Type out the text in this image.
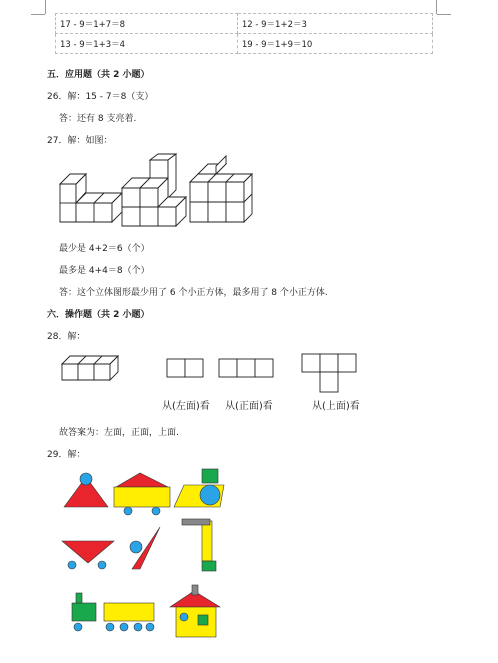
17 - 9＝1+7＝8	12 - 9＝1+2＝3
13 - 9＝1+3＝4	19 - 9＝1+9＝10
五．应用题（共 2 小题）
26．解：15 - 7＝8（支）
答：还有 8 支亮着.
27．解：如图：
最少是 4+2＝6（个）
最多是 4+4＝8（个）
答：这个立体图形最少用了 6 个小正方体，最多用了 8 个小正方体.
六．操作题（共 2 小题）
28．解：
从(左面)看 从(正面)看	从(上面)看
故答案为：左面，正面，上面.
29．解：
